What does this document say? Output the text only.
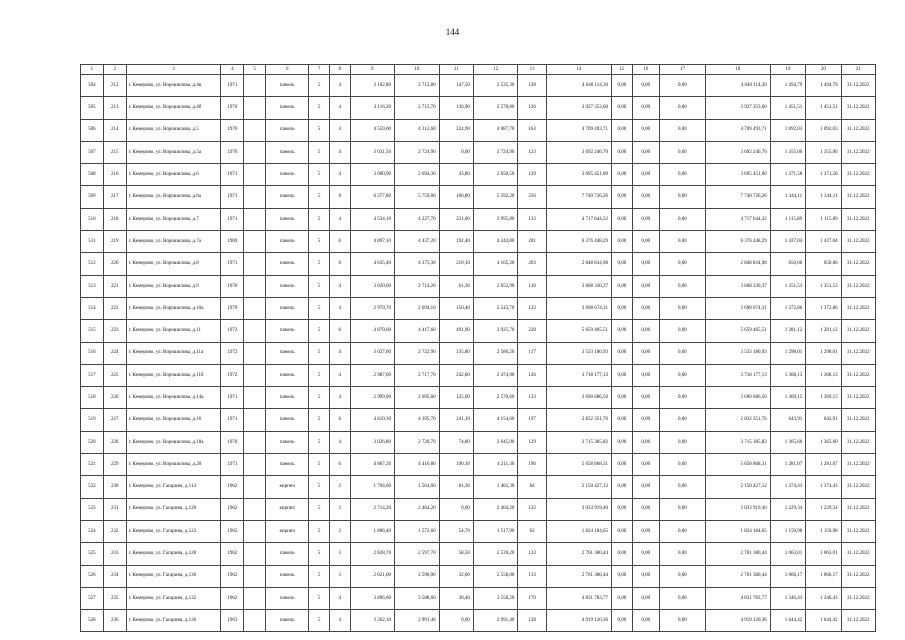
144
1	2	3	4	5	6	7	8	9	10	11	12	13	14	15	16	17	18	19	20	21
504	212	г. Кемерово, ул. Ворошилова, д.4в	1971		панель	5	4	3 102,80	2 712,80	147,50	2 535,30	128	4 040 114,30	0,00	0,00	0,00	4 040 114,30	1 494,79	1 494,79	31.12.2022
505	213	г. Кемерово, ул. Ворошилова, д.4б	1970		панель	5	4	3 116,20	2 715,70	136,90	2 578,80	126	3 927 353,60	0,00	0,00	0,00	3 927 353,60	1 451,51	1 451,51	31.12.2022
506	214	г. Кемерово, ул. Ворошилова, д.5	1970		панель	5	4	4 559,00	4 312,60	224,90	4 087,70	163	4 709 493,71	0,00	0,00	0,00	4 709 493,71	1 092,03	1 092,03	31.12.2022
507	215	г. Кемерово, ул. Ворошилова, д.5а	1970		панель	5	4	3 031,50	2 724,90	0,00	2 724,90	123	3 692 246,70	0,00	0,00	0,00	3 692 246,70	1 355,00	1 355,00	31.12.2022
508	216	г. Кемерово, ул. Ворошилова, д.6	1971		панель	5	4	3 000,90	2 694,30	43,80	2 650,50	129	3 695 451,00	0,00	0,00	0,00	3 695 451,00	1 371,58	1 371,58	31.12.2022
509	217	г. Кемерово, ул. Ворошилова, д.6а	1971		панель	5	8	6 377,80	5 759,00	166,80	5 592,20	256	7 740 726,26	0,00	0,00	0,00	7 740 726,26	1 344,11	1 344,11	31.12.2022
510	218	г. Кемерово, ул. Ворошилова, д.7	1971		панель	5	4	4 534,10	4 227,70	231,00	3 995,80	133	4 717 644,32	0,00	0,00	0,00	4 717 644,32	1 115,89	1 115,89	31.12.2022
511	219	г. Кемерово, ул. Ворошилова, д.7а	1969		панель	5	6	4 897,10	4 437,20	192,40	4 244,80	201	6 376 448,29	0,00	0,00	0,00	6 376 448,29	1 437,04	1 437,04	31.12.2022
512	220	г. Кемерово, ул. Ворошилова, д.8	1971		панель	5	6	4 635,40	4 375,30	210,10	4 165,20	203	2 848 834,98	0,00	0,00	0,00	2 848 834,98	650,66	650,66	31.12.2022
513	221	г. Кемерово, ул. Ворошилова, д.9	1970		панель	5	4	3 020,60	2 714,20	61,30	2 652,90	116	3 668 330,37	0,00	0,00	0,00	3 668 330,37	1 351,53	1 351,53	31.12.2022
514	222	г. Кемерово, ул. Ворошилова, д.10а	1970		панель	5	4	2 970,70	2 694,10	150,40	2 543,70	123	3 698 674,31	0,00	0,00	0,00	3 698 674,31	1 372,86	1 372,86	31.12.2022
515	223	г. Кемерово, ул. Ворошилова, д.11	1972		панель	5	6	4 879,60	4 417,60	491,90	3 925,70	228	5 659 465,51	0,00	0,00	0,00	5 659 465,51	1 281,12	1 281,12	31.12.2022
516	224	г. Кемерово, ул. Ворошилова, д.11а	1972		панель	5	4	3 027,60	2 722,90	135,80	2 586,20	117	3 533 180,93	0,00	0,00	0,00	3 533 180,93	1 298,01	1 298,01	31.12.2022
517	225	г. Кемерово, ул. Ворошилова, д.11б	1972		панель	5	4	2 987,60	2 717,70	242,80	2 474,90	126	3 718 177,13	0,00	0,00	0,00	3 718 177,13	1 368,13	1 368,13	31.12.2022
518	226	г. Кемерово, ул. Ворошилова, д.14а	1971		панель	5	4	2 999,00	2 695,60	125,00	2 570,60	133	3 690 686,50	0,00	0,00	0,00	3 690 686,50	1 369,15	1 369,15	31.12.2022
519	227	г. Кемерово, ул. Ворошилова, д.16	1971		панель	5	6	4 810,30	4 395,70	241,10	4 154,60	197	2 832 351,76	0,00	0,00	0,00	2 832 351,76	643,91	643,91	31.12.2022
520	228	г. Кемерово, ул. Ворошилова, д.18а	1970		панель	5	4	3 026,80	2 720,70	74,80	2 645,90	129	3 715 385,82	0,00	0,00	0,00	3 715 385,82	1 365,60	1 365,60	31.12.2022
521	229	г. Кемерово, ул. Ворошилова, д.20	1971		панель	5	6	4 867,20	4 416,80	190,10	4 211,30	196	5 658 868,31	0,00	0,00	0,00	5 658 868,31	1 281,07	1 281,07	31.12.2022
522	230	г. Кемерово, ул. Гагарина, д.114	1962		кирпич	5	2	1 794,60	1 564,60	81,30	1 483,30	84	2 150 427,12	0,00	0,00	0,00	2 150 427,12	1 374,43	1 374,43	31.12.2022
523	231	г. Кемерово, ул. Гагарина, д.120	1962		кирпич	5	3	2 714,20	2 464,20	0,00	2 464,20	122	3 033 919,40	0,00	0,00	0,00	3 033 919,40	1 229,34	1 229,34	31.12.2022
524	232	г. Кемерово, ул. Гагарина, д.122	1962		кирпич	5	2	1 806,40	1 572,60	54,70	1 517,90	62	1 824 184,65	0,00	0,00	0,00	1 824 184,65	1 159,98	1 159,98	31.12.2022
525	233	г. Кемерово, ул. Гагарина, д.128	1962		панель	5	3	2 828,70	2 597,70	58,50	2 539,20	123	2 761 380,44	0,00	0,00	0,00	2 761 380,44	1 063,01	1 063,01	31.12.2022
526	234	г. Кемерово, ул. Гагарина, д.130	1962		панель	5	3	2 821,00	2 590,00	32,00	2 558,00	133	2 761 380,44	0,00	0,00	0,00	2 761 380,44	1 066,17	1 066,17	31.12.2022
527	235	г. Кемерово, ул. Гагарина, д.132	1962		панель	5	4	3 896,60	3 588,60	30,40	3 558,20	170	4 831 783,77	0,00	0,00	0,00	4 831 783,77	1 346,43	1 346,43	31.12.2022
528	236	г. Кемерово, ул. Гагарина, д.136	1963		панель	5	4	3 262,10	2 991,40	0,00	2 991,40	128	4 919 120,36	0,00	0,00	0,00	4 919 120,36	1 644,42	1 644,42	31.12.2022
